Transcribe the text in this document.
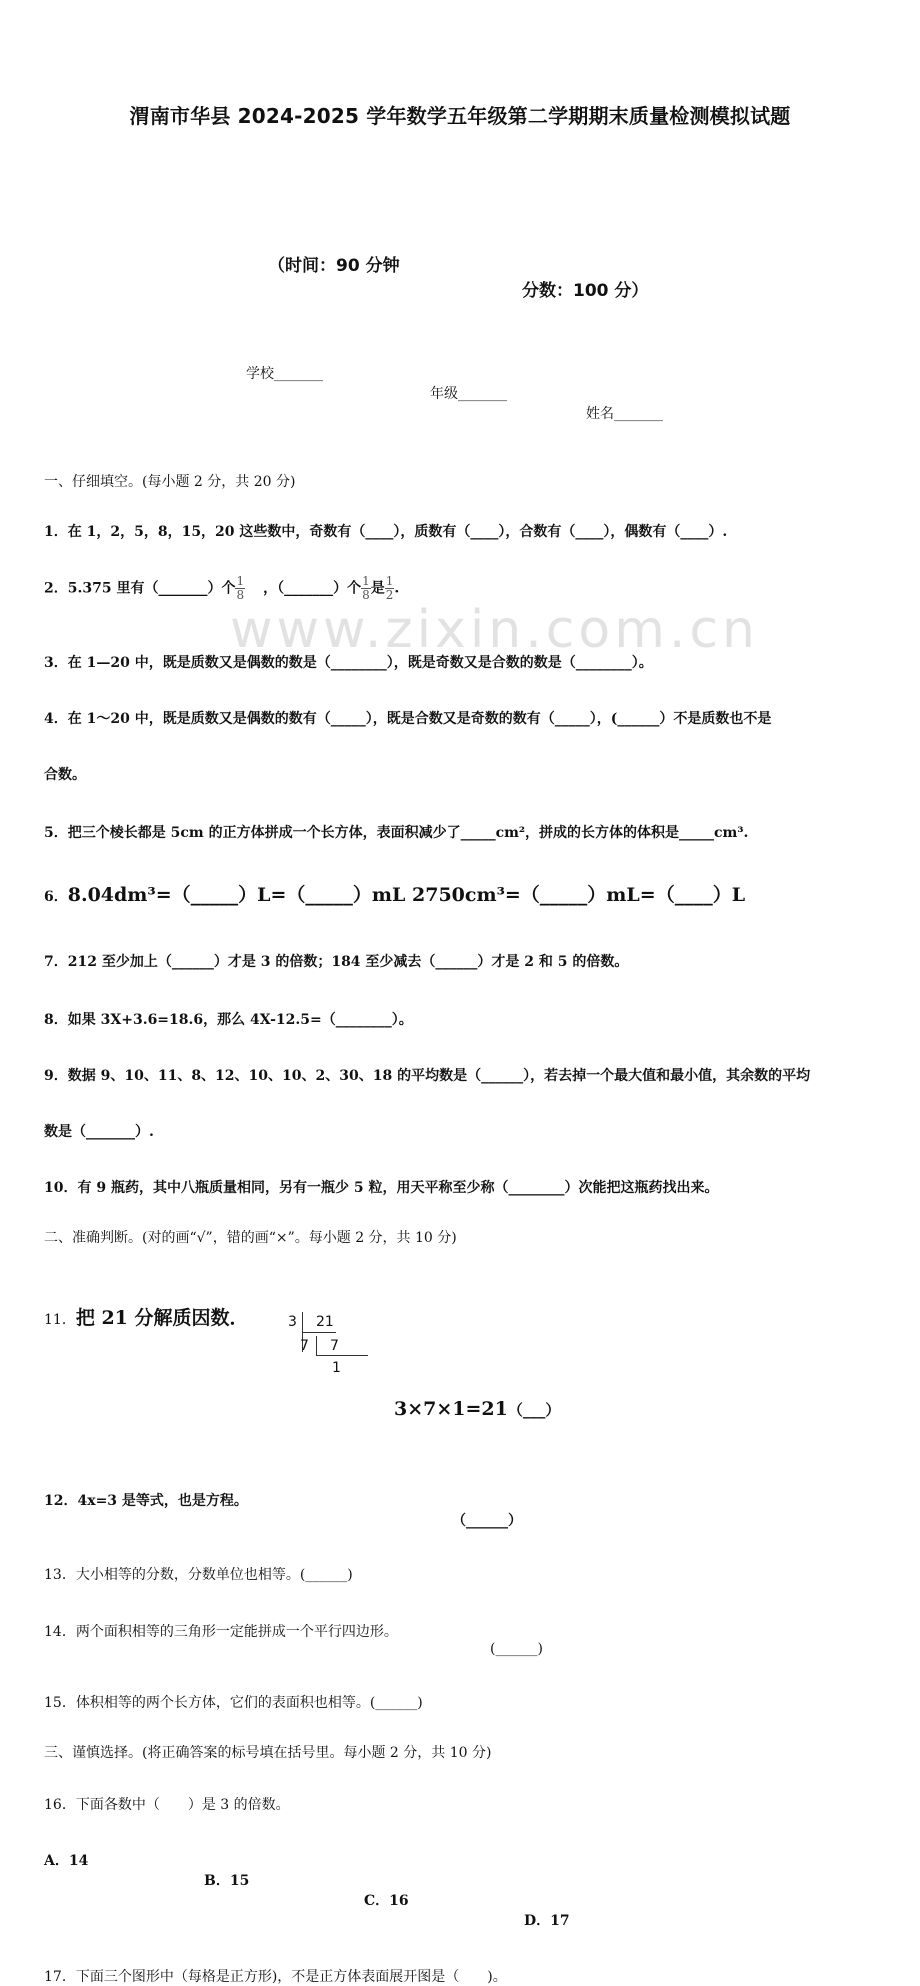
www.zixin.com.cn
渭南市华县 2024-2025 学年数学五年级第二学期期末质量检测模拟试题
（时间：90 分钟
分数：100 分）
学校_______
年级_______
姓名_______
一、仔细填空。(每小题 2 分，共 20 分)
1．在 1，2，5，8，15，20 这些数中，奇数有（____），质数有（____），合数有（____），偶数有（____）.
2．5.375 里有（_______）个 $\frac{1}{8}$ ，（_______）个 $\frac{1}{8}$ 是 $\frac{1}{2}$ .
3．在 1—20 中，既是质数又是偶数的数是（________），既是奇数又是合数的数是（________）。
4．在 1～20 中，既是质数又是偶数的数有（_____），既是合数又是奇数的数有（_____），(______）不是质数也不是
合数。
5．把三个棱长都是 5cm 的正方体拼成一个长方体，表面积减少了_____cm²，拼成的长方体的体积是_____cm³.
6．8.04dm³=（_____）L=（_____）mL 2750cm³=（_____）mL=（____）L
7．212 至少加上（______）才是 3 的倍数；184 至少减去（______）才是 2 和 5 的倍数。
8．如果 3X+3.6=18.6，那么 4X-12.5=（________）。
9．数据 9、10、11、8、12、10、10、2、30、18 的平均数是（______），若去掉一个最大值和最小值，其余数的平均
数是（_______）.
10．有 9 瓶药，其中八瓶质量相同，另有一瓶少 5 粒，用天平称至少称（________）次能把这瓶药找出来。
二、准确判断。(对的画“√”，错的画“×”。每小题 2 分，共 10 分)
11．把 21 分解质因数．	3 21
7 7
1
3×7×1=21（___）
12．4x=3 是等式，也是方程。
（______）
13．大小相等的分数，分数单位也相等。(______)
14．两个面积相等的三角形一定能拼成一个平行四边形。
(______)
15．体积相等的两个长方体，它们的表面积也相等。(______)
三、谨慎选择。(将正确答案的标号填在括号里。每小题 2 分，共 10 分)
16．下面各数中（　　）是 3 的倍数。
A．14
B．15
C．16
D．17
17．下面三个图形中（每格是正方形)，不是正方体表面展开图是（　　)。
